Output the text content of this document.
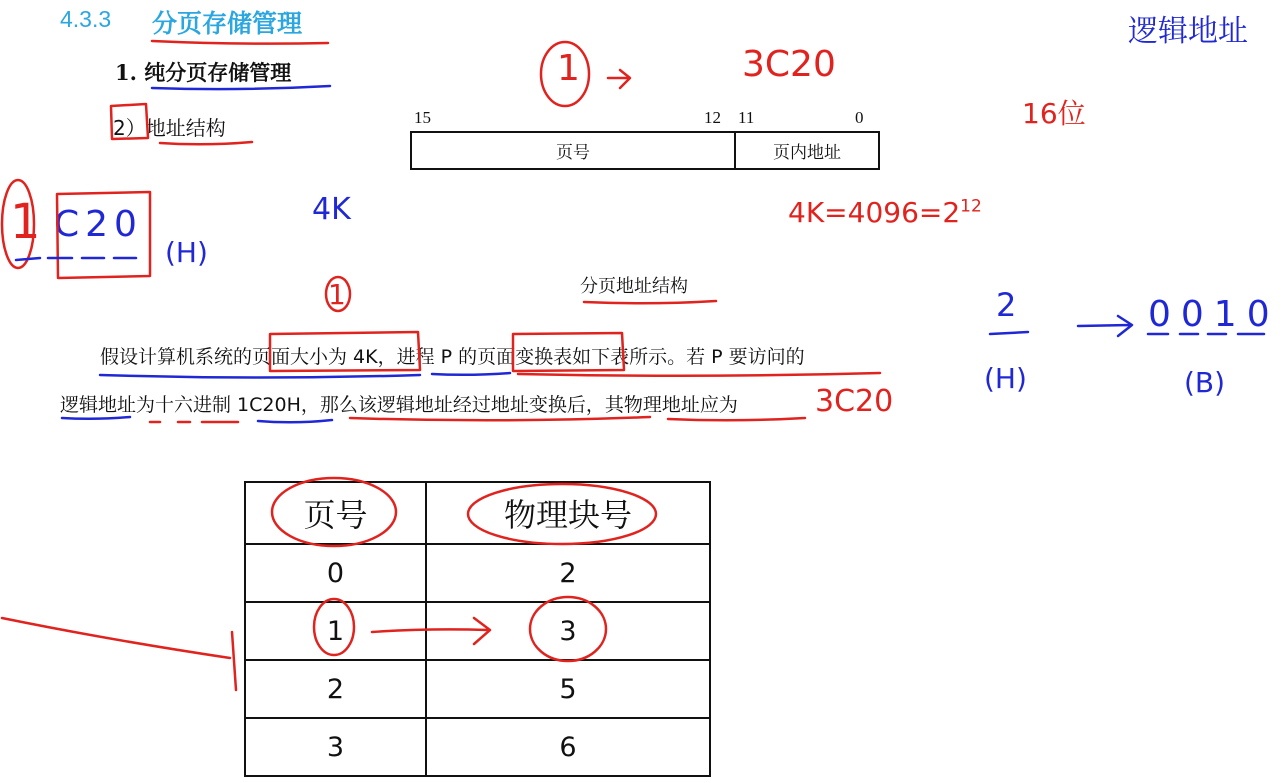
4.3.3 分页存储管理
1. 纯分页存储管理
2）地址结构	15	12 11	0
页号	页内地址
分页地址结构
假设计算机系统的页面大小为 4K，进程 P 的页面变换表如下表所示。若 P 要访问的
逻辑地址为十六进制 1C20H，那么该逻辑地址经过地址变换后，其物理地址应为
页号	物理块号
0	2
1	3
2	5
3	6
1	3C20
逻辑地址
16位
4K	$4K=4096=2^{12}$
1 C20
(H)
1
3C20
2
(H)
0010
(B)
